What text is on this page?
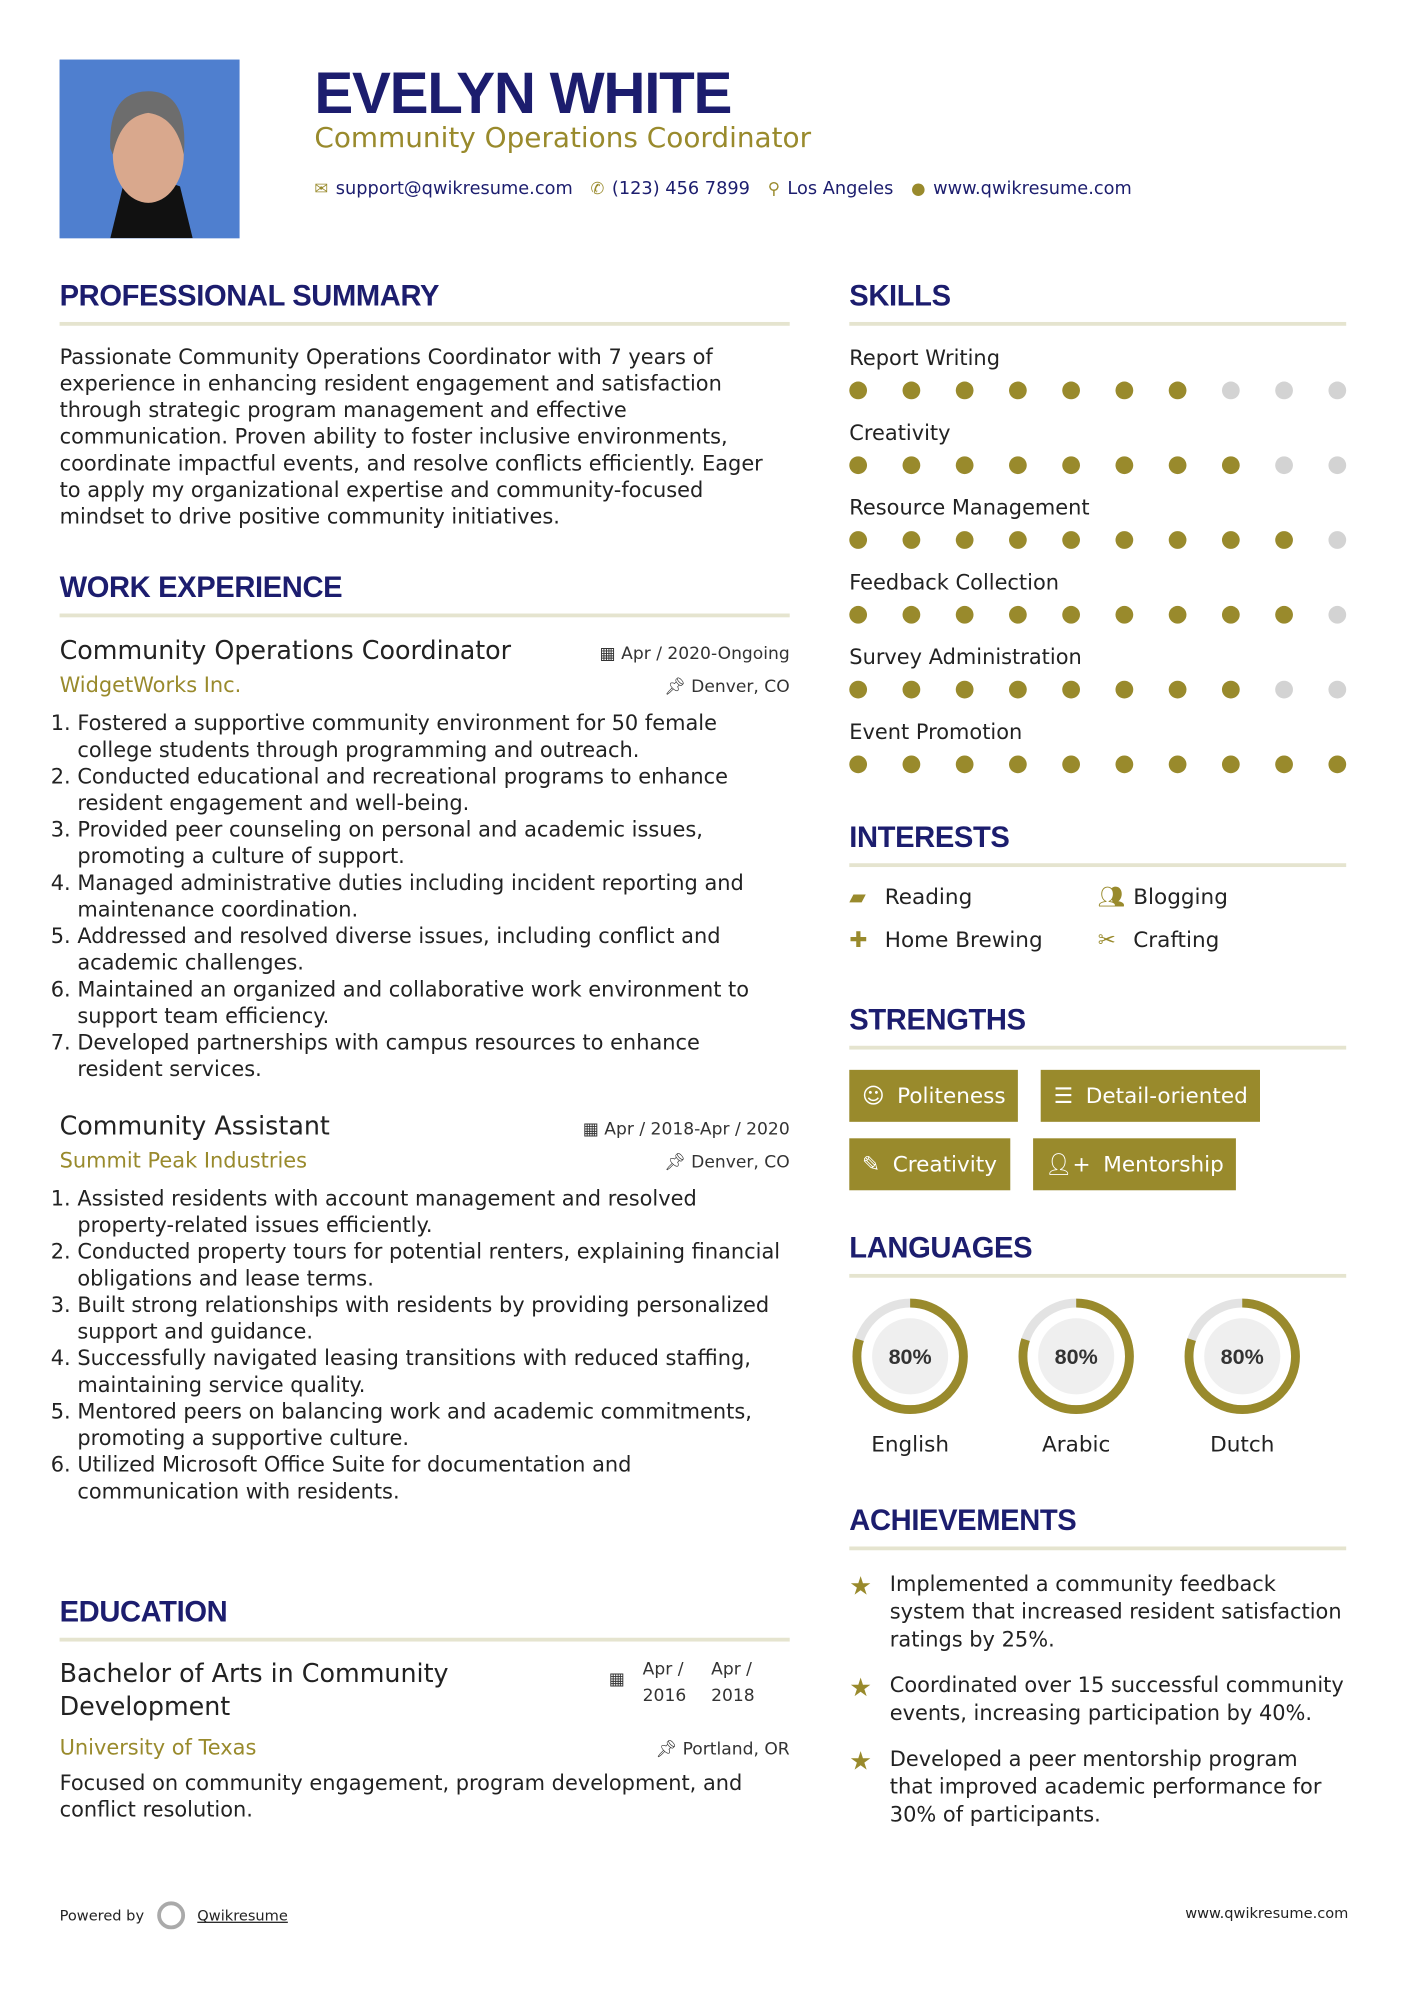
EVELYN WHITE
Community Operations Coordinator
✉ support@qwikresume.com ✆ (123) 456 7899 ⚲ Los Angeles ● www.qwikresume.com
PROFESSIONAL SUMMARY

Passionate Community Operations Coordinator with 7 years of experience in enhancing resident engagement and satisfaction through strategic program management and effective communication. Proven ability to foster inclusive environments, coordinate impactful events, and resolve conflicts efficiently. Eager to apply my organizational expertise and community-focused mindset to drive positive community initiatives.

WORK EXPERIENCE
Community Operations Coordinator	▦ Apr / 2020-Ongoing
WidgetWorks Inc.	📌︎ Denver, CO
1. Fostered a supportive community environment for 50 female college students through programming and outreach.
2. Conducted educational and recreational programs to enhance resident engagement and well-being.
3. Provided peer counseling on personal and academic issues, promoting a culture of support.
4. Managed administrative duties including incident reporting and maintenance coordination.
5. Addressed and resolved diverse issues, including conflict and academic challenges.
6. Maintained an organized and collaborative work environment to support team efficiency.
7. Developed partnerships with campus resources to enhance resident services.
Community Assistant	▦ Apr / 2018-Apr / 2020
Summit Peak Industries	📌︎ Denver, CO
1. Assisted residents with account management and resolved property-related issues efficiently.
2. Conducted property tours for potential renters, explaining financial obligations and lease terms.
3. Built strong relationships with residents by providing personalized support and guidance.
4. Successfully navigated leasing transitions with reduced staffing, maintaining service quality.
5. Mentored peers on balancing work and academic commitments, promoting a supportive culture.
6. Utilized Microsoft Office Suite for documentation and communication with residents.
EDUCATION
Bachelor of Arts in Community Development
▦
Apr / 2016
Apr / 2018
University of Texas	📌︎ Portland, OR

Focused on community engagement, program development, and conflict resolution.

Powered by	Qwikresume	www.qwikresume.com
SKILLS
Report Writing
Creativity
Resource Management
Feedback Collection
Survey Administration
Event Promotion
INTERESTS
▰ Reading	👥︎ Blogging
✚ Home Brewing	✂ Crafting
STRENGTHS
☺ Politeness	☰ Detail-oriented
✎ Creativity	👤︎+ Mentorship
LANGUAGES
80%
English
80%
Arabic
80%
Dutch
ACHIEVEMENTS
★ Implemented a community feedback system that increased resident satisfaction ratings by 25%.
★ Coordinated over 15 successful community events, increasing participation by 40%.
★ Developed a peer mentorship program that improved academic performance for 30% of participants.
